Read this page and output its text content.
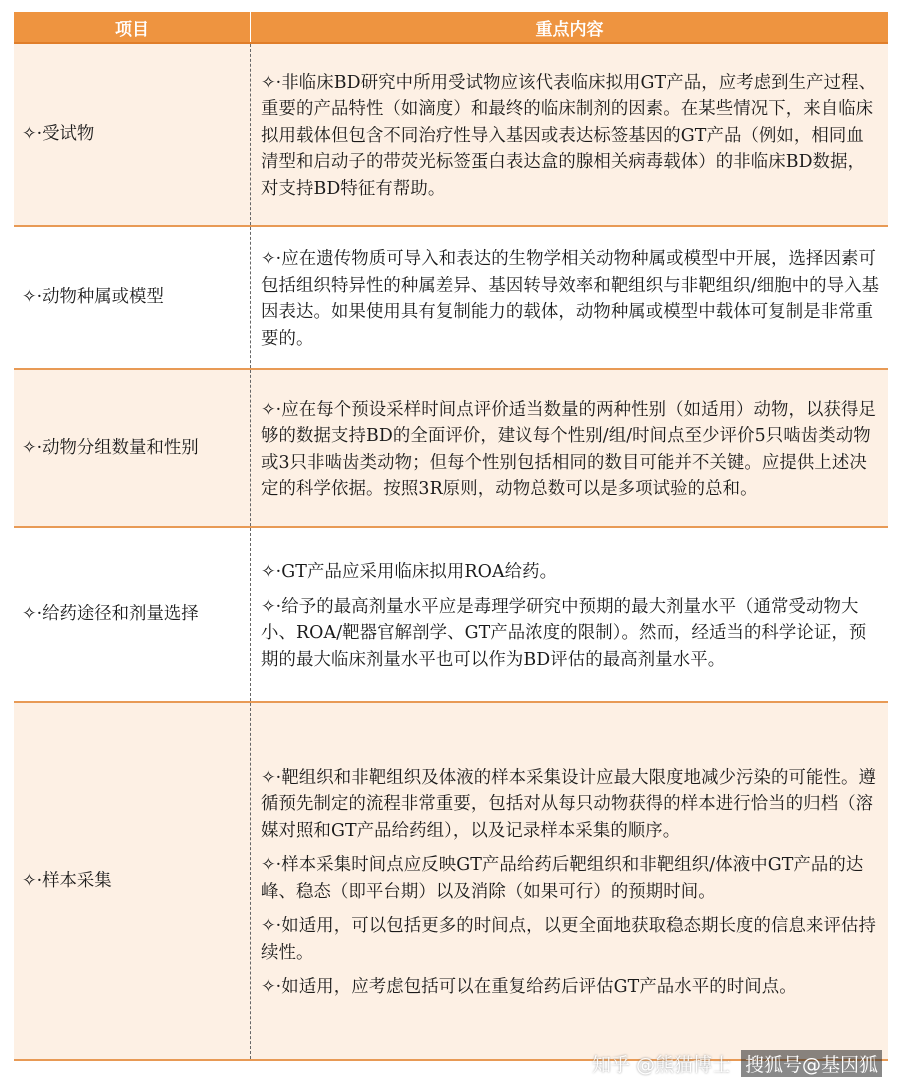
项目	重点内容
✧·受试物	✧·非临床BD研究中所用受试物应该代表临床拟用GT产品，应考虑到生产过程、重要的产品特性（如滴度）和最终的临床制剂的因素。在某些情况下，来自临床拟用载体但包含不同治疗性导入基因或表达标签基因的GT产品（例如，相同血清型和启动子的带荧光标签蛋白表达盒的腺相关病毒载体）的非临床BD数据，对支持BD特征有帮助。

✧·动物种属或模型	✧·应在遗传物质可导入和表达的生物学相关动物种属或模型中开展，选择因素可包括组织特异性的种属差异、基因转导效率和靶组织与非靶组织/细胞中的导入基因表达。如果使用具有复制能力的载体，动物种属或模型中载体可复制是非常重要的。

✧·动物分组数量和性别	✧·应在每个预设采样时间点评价适当数量的两种性别（如适用）动物，以获得足够的数据支持BD的全面评价，建议每个性别/组/时间点至少评价5只啮齿类动物或3只非啮齿类动物；但每个性别包括相同的数目可能并不关键。应提供上述决定的科学依据。按照3R原则，动物总数可以是多项试验的总和。

✧·给药途径和剂量选择	✧·GT产品应采用临床拟用ROA给药。

✧·给予的最高剂量水平应是毒理学研究中预期的最大剂量水平（通常受动物大小、ROA/靶器官解剖学、GT产品浓度的限制）。然而，经适当的科学论证，预期的最大临床剂量水平也可以作为BD评估的最高剂量水平。

✧·样本采集	✧·靶组织和非靶组织及体液的样本采集设计应最大限度地减少污染的可能性。遵循预先制定的流程非常重要，包括对从每只动物获得的样本进行恰当的归档（溶媒对照和GT产品给药组），以及记录样本采集的顺序。

✧·样本采集时间点应反映GT产品给药后靶组织和非靶组织/体液中GT产品的达峰、稳态（即平台期）以及消除（如果可行）的预期时间。

✧·如适用，可以包括更多的时间点，以更全面地获取稳态期长度的信息来评估持续性。

✧·如适用，应考虑包括可以在重复给药后评估GT产品水平的时间点。

知乎 @熊猫博士 搜狐号@基因狐
